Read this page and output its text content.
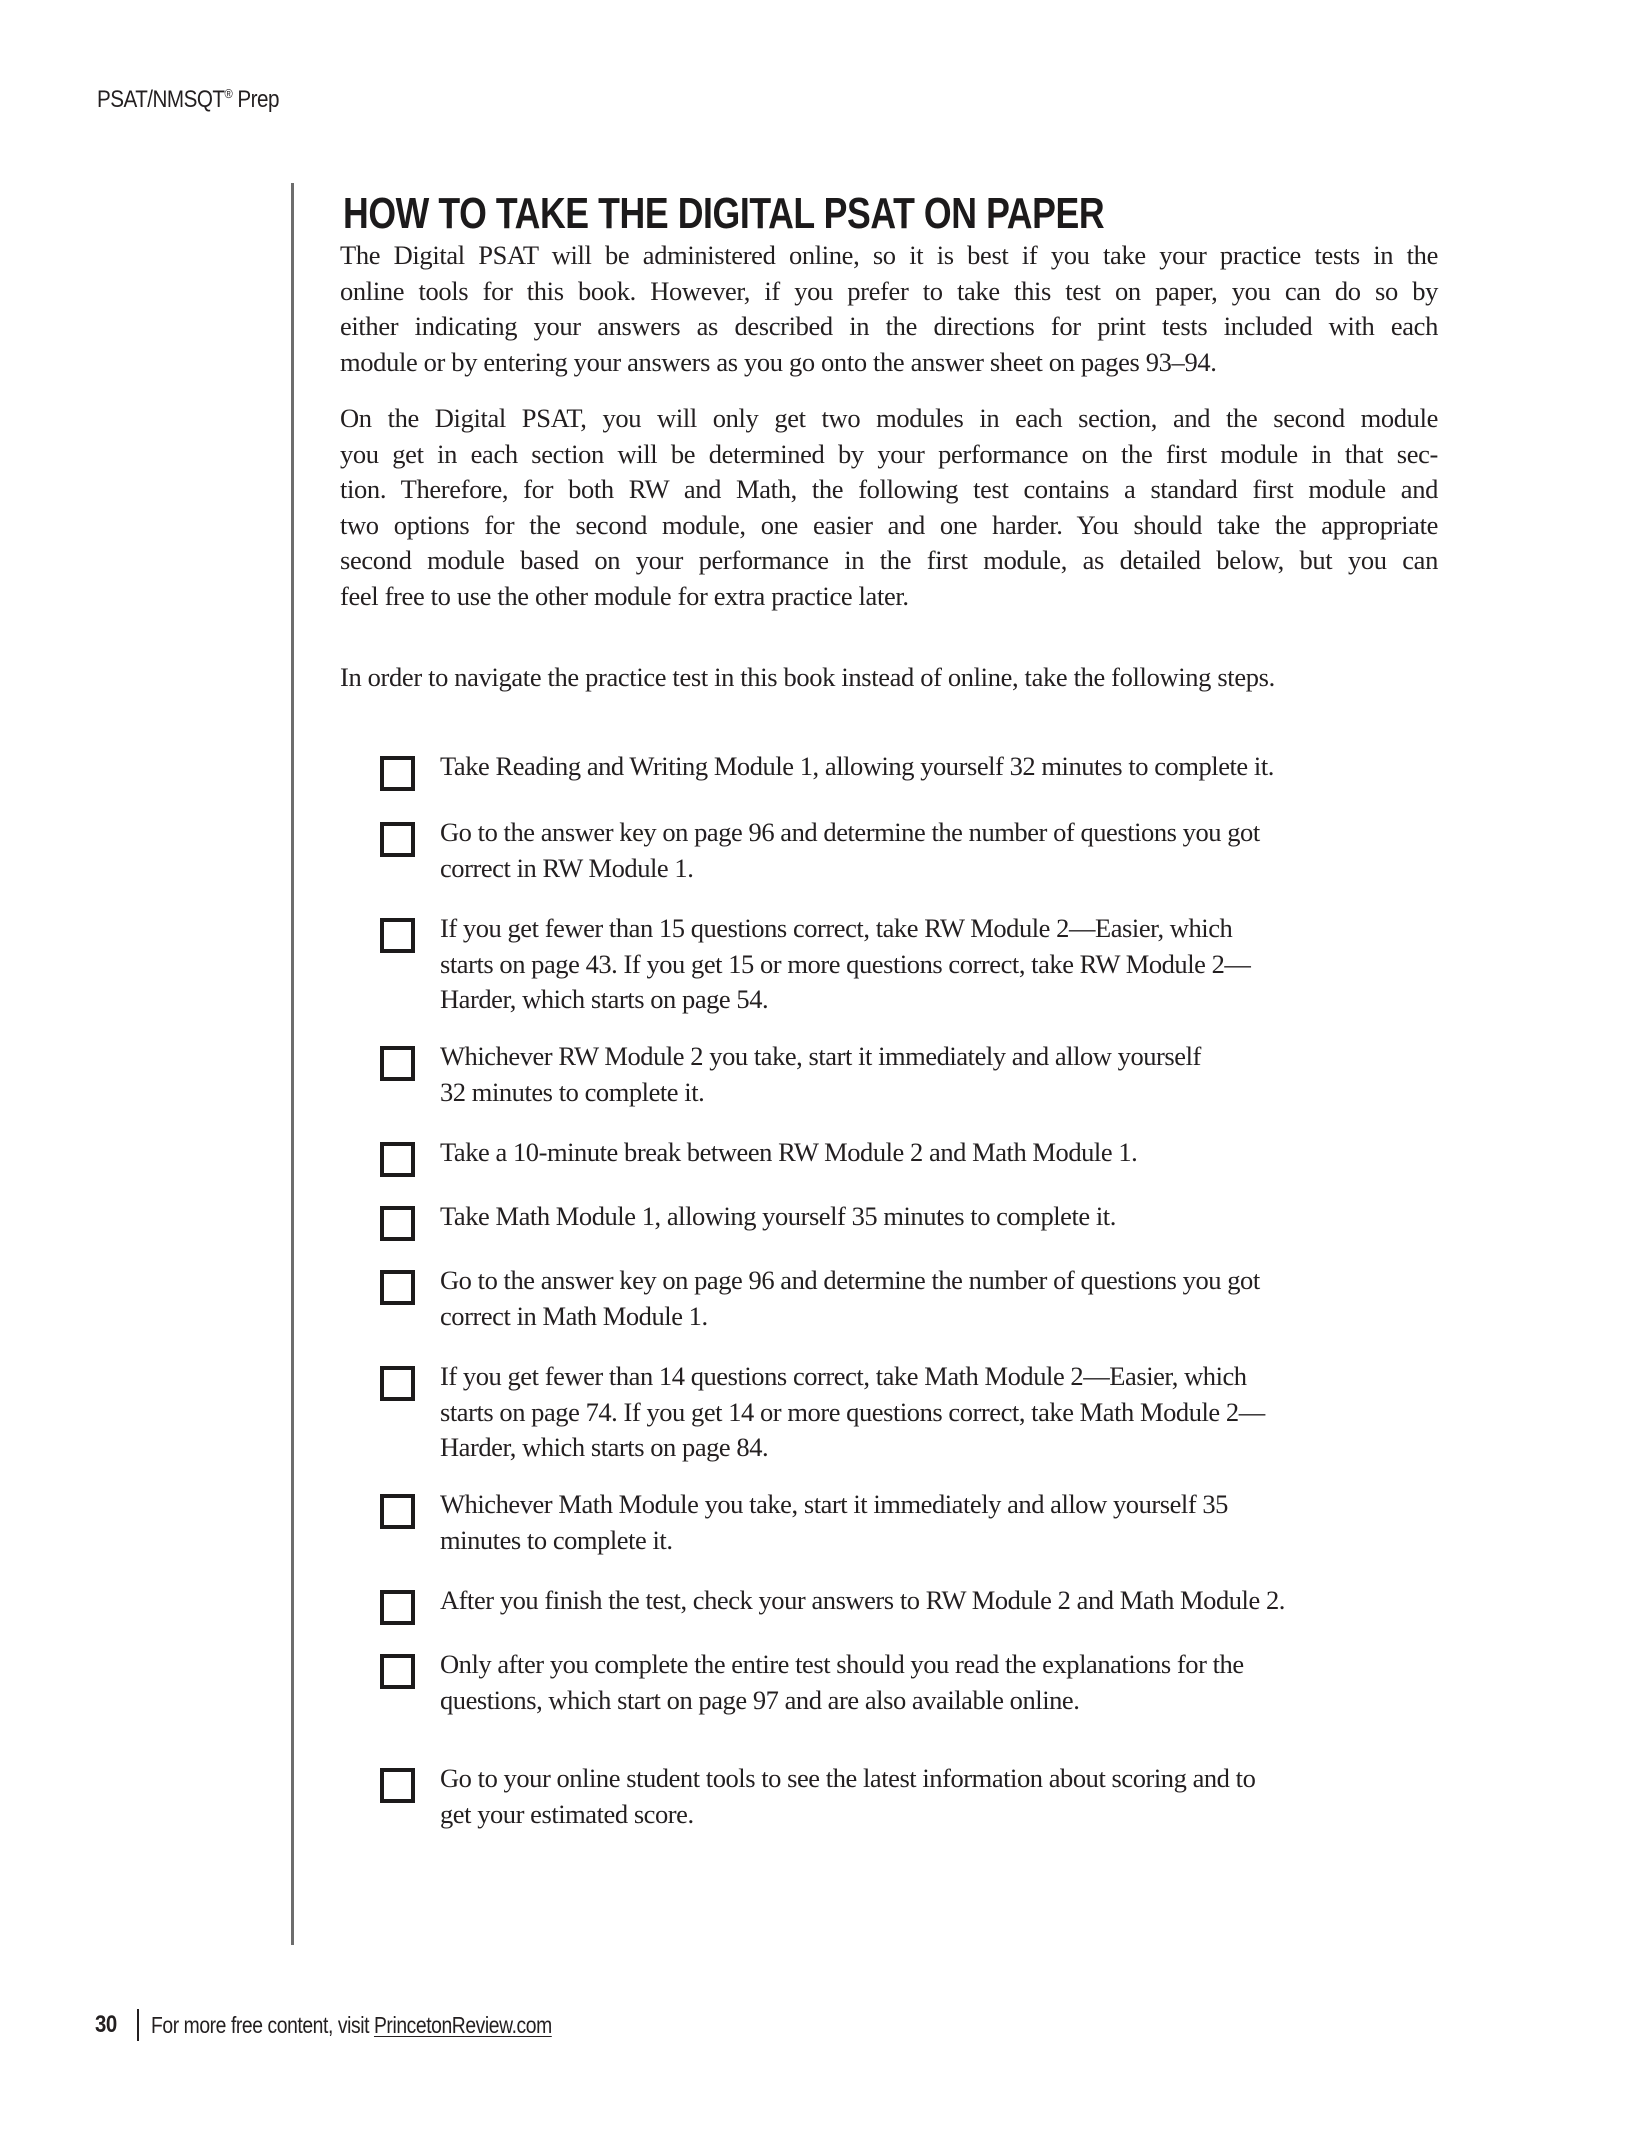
PSAT/NMSQT® Prep
HOW TO TAKE THE DIGITAL PSAT ON PAPER
The Digital PSAT will be administered online, so it is best if you take your practice tests in the
online tools for this book. However, if you prefer to take this test on paper, you can do so by
either indicating your answers as described in the directions for print tests included with each
module or by entering your answers as you go onto the answer sheet on pages 93–94.
On the Digital PSAT, you will only get two modules in each section, and the second module
you get in each section will be determined by your performance on the first module in that sec-
tion. Therefore, for both RW and Math, the following test contains a standard first module and
two options for the second module, one easier and one harder. You should take the appropriate
second module based on your performance in the first module, as detailed below, but you can
feel free to use the other module for extra practice later.
In order to navigate the practice test in this book instead of online, take the following steps.
Take Reading and Writing Module 1, allowing yourself 32 minutes to complete it.
Go to the answer key on page 96 and determine the number of questions you got
correct in RW Module 1.
If you get fewer than 15 questions correct, take RW Module 2—Easier, which
starts on page 43. If you get 15 or more questions correct, take RW Module 2—
Harder, which starts on page 54.
Whichever RW Module 2 you take, start it immediately and allow yourself
32 minutes to complete it.
Take a 10-minute break between RW Module 2 and Math Module 1.
Take Math Module 1, allowing yourself 35 minutes to complete it.
Go to the answer key on page 96 and determine the number of questions you got
correct in Math Module 1.
If you get fewer than 14 questions correct, take Math Module 2—Easier, which
starts on page 74. If you get 14 or more questions correct, take Math Module 2—
Harder, which starts on page 84.
Whichever Math Module you take, start it immediately and allow yourself 35
minutes to complete it.
After you finish the test, check your answers to RW Module 2 and Math Module 2.
Only after you complete the entire test should you read the explanations for the
questions, which start on page 97 and are also available online.
Go to your online student tools to see the latest information about scoring and to
get your estimated score.
30 For more free content, visit PrincetonReview.com
